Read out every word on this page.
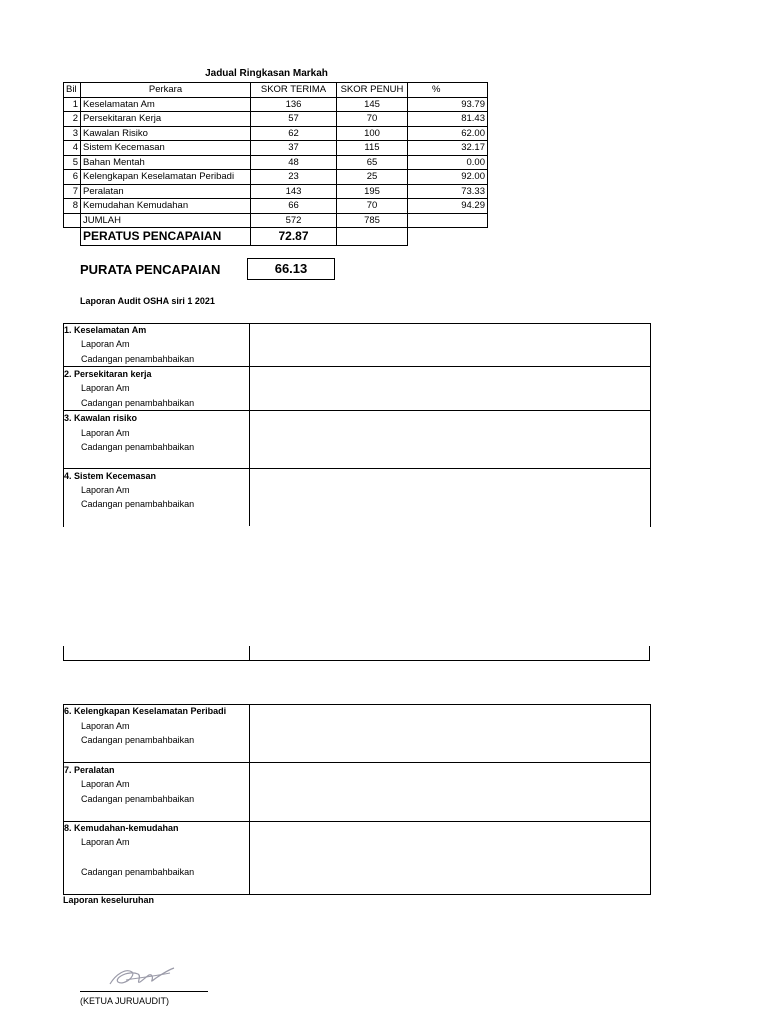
Jadual Ringkasan Markah
Bil	Perkara	SKOR TERIMA	SKOR PENUH	%
1	Keselamatan Am	136	145	93.79
2	Persekitaran Kerja	57	70	81.43
3	Kawalan Risiko	62	100	62.00
4	Sistem Kecemasan	37	115	32.17
5	Bahan Mentah	48	65	0.00
6	Kelengkapan Keselamatan Peribadi	23	25	92.00
7	Peralatan	143	195	73.33
8	Kemudahan Kemudahan	66	70	94.29
	JUMLAH	572	785	
	PERATUS PENCAPAIAN	72.87		
PURATA PENCAPAIAN	66.13
Laporan Audit OSHA siri 1 2021
1. Keselamatan Am
Laporan Am
Cadangan penambahbaikan
2. Persekitaran kerja
Laporan Am
Cadangan penambahbaikan
3. Kawalan risiko
Laporan Am
Cadangan penambahbaikan
4. Sistem Kecemasan
Laporan Am
Cadangan penambahbaikan
6. Kelengkapan Keselamatan Peribadi
Laporan Am
Cadangan penambahbaikan
7. Peralatan
Laporan Am
Cadangan penambahbaikan
8. Kemudahan-kemudahan
Laporan Am
Cadangan penambahbaikan
Laporan keseluruhan
(KETUA JURUAUDIT)
